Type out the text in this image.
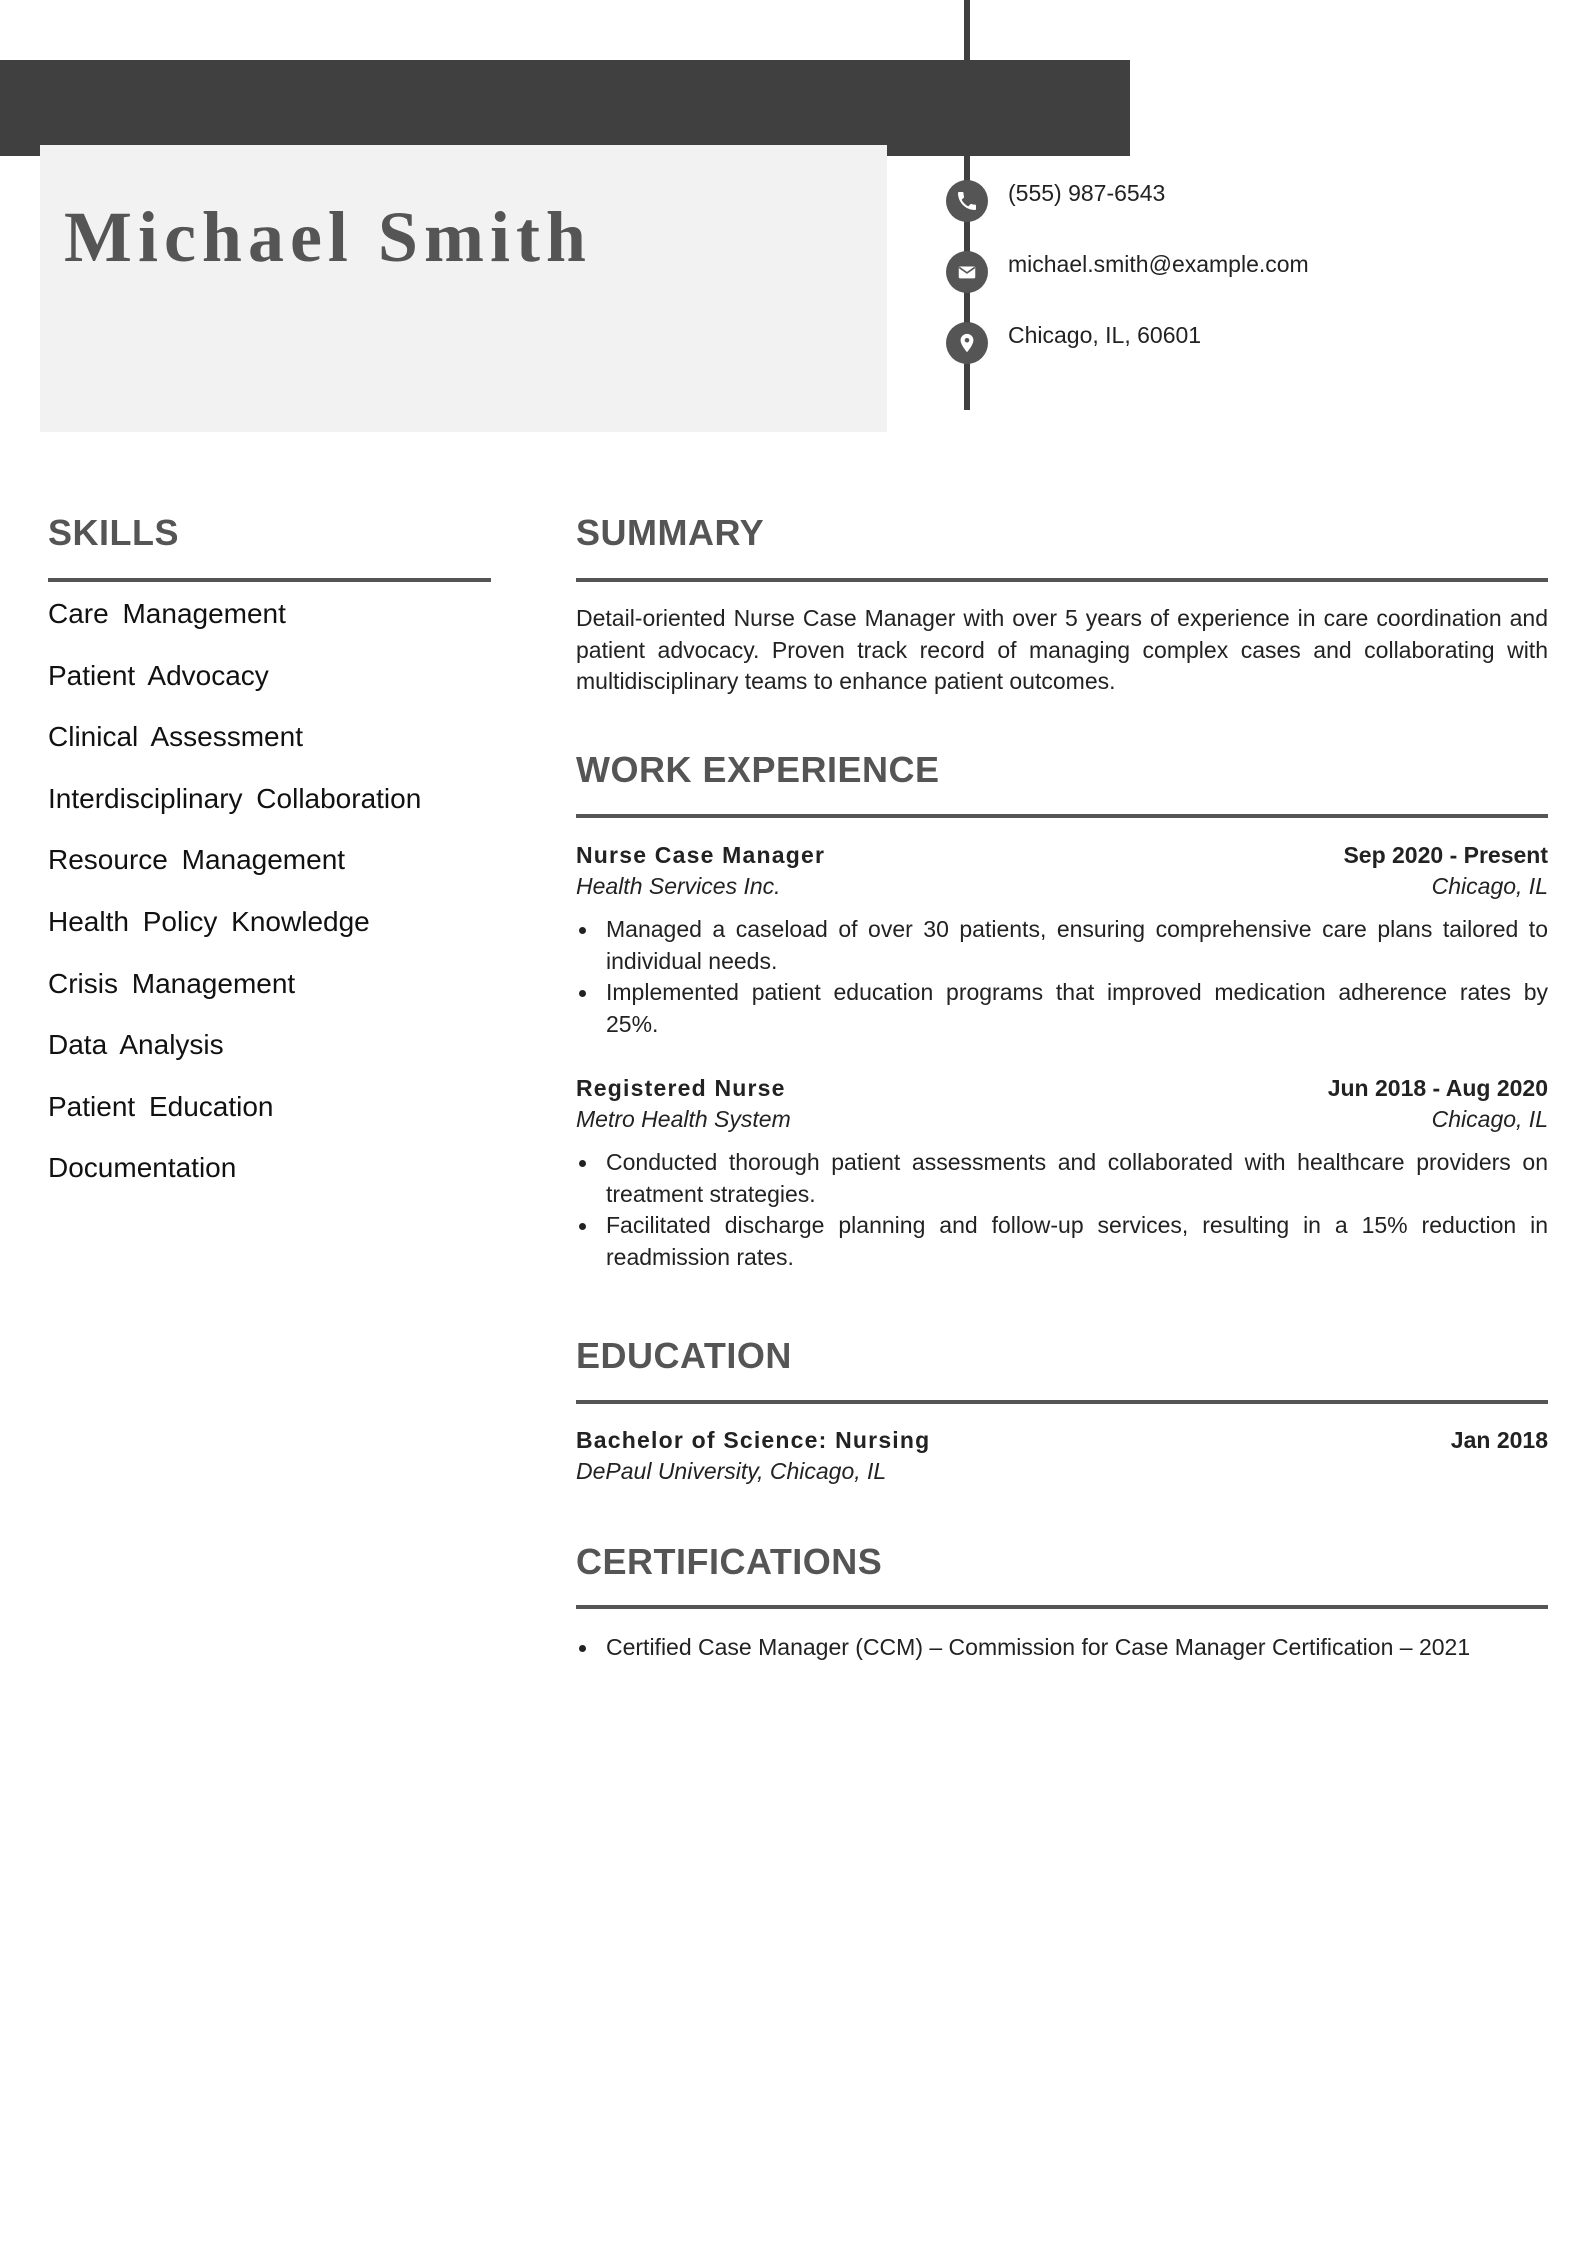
Michael Smith
(555) 987-6543
michael.smith@example.com
Chicago, IL, 60601
SKILLS
Care Management
Patient Advocacy
Clinical Assessment
Interdisciplinary Collaboration
Resource Management
Health Policy Knowledge
Crisis Management
Data Analysis
Patient Education
Documentation
SUMMARY

Detail-oriented Nurse Case Manager with over 5 years of experience in care coordination and patient advocacy. Proven track record of managing complex cases and collaborating with multidisciplinary teams to enhance patient outcomes.

WORK EXPERIENCE
Nurse Case Manager	Sep 2020 - Present
Health Services Inc.	Chicago, IL
Managed a caseload of over 30 patients, ensuring comprehensive care plans tailored to individual needs.
Implemented patient education programs that improved medication adherence rates by 25%.
Registered Nurse	Jun 2018 - Aug 2020
Metro Health System	Chicago, IL
Conducted thorough patient assessments and collaborated with healthcare providers on treatment strategies.
Facilitated discharge planning and follow-up services, resulting in a 15% reduction in readmission rates.
EDUCATION
Bachelor of Science: Nursing	Jan 2018
DePaul University, Chicago, IL
CERTIFICATIONS
Certified Case Manager (CCM) – Commission for Case Manager Certification – 2021
